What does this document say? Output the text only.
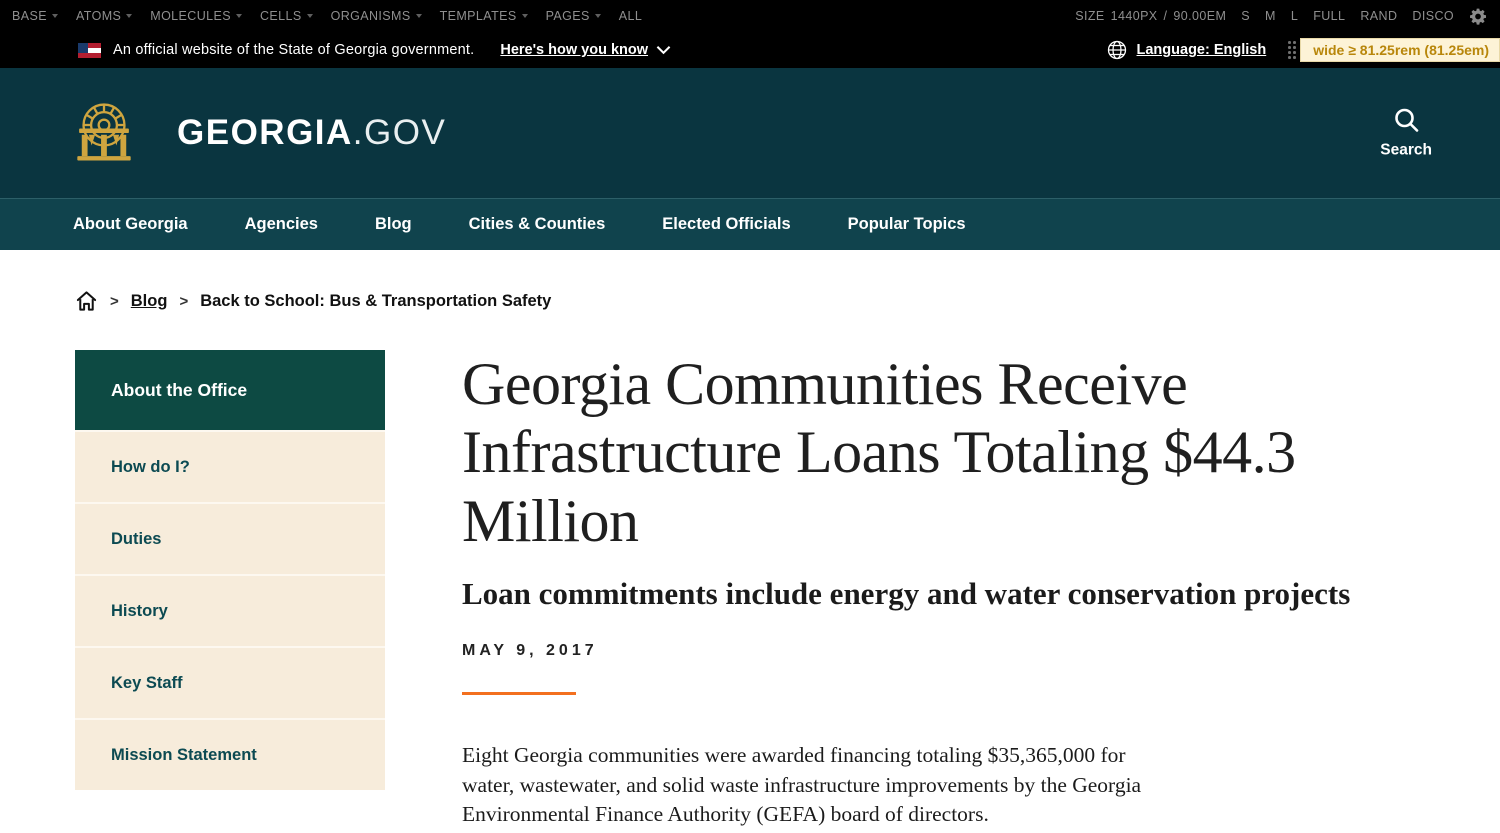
BASE ATOMS MOLECULES CELLS ORGANISMS TEMPLATES PAGES ALL	SIZE 1440PX / 90.00EM S M L FULL RAND DISCO
An official website of the State of Georgia government. Here's how you know	Language: English	wide ≥ 81.25rem (81.25em)
GEORGIA.GOV	Search
About Georgia	Agencies	Blog	Cities & Counties	Elected Officials	Popular Topics
> Blog > Back to School: Bus & Transportation Safety
About the Office
How do I?
Duties
History
Key Staff
Mission Statement
Georgia Communities Receive Infrastructure Loans Totaling $44.3 Million
Loan commitments include energy and water conservation projects
MAY 9, 2017

Eight Georgia communities were awarded financing totaling $35,365,000 for water, wastewater, and solid waste infrastructure improvements by the Georgia Environmental Finance Authority (GEFA) board of directors.
